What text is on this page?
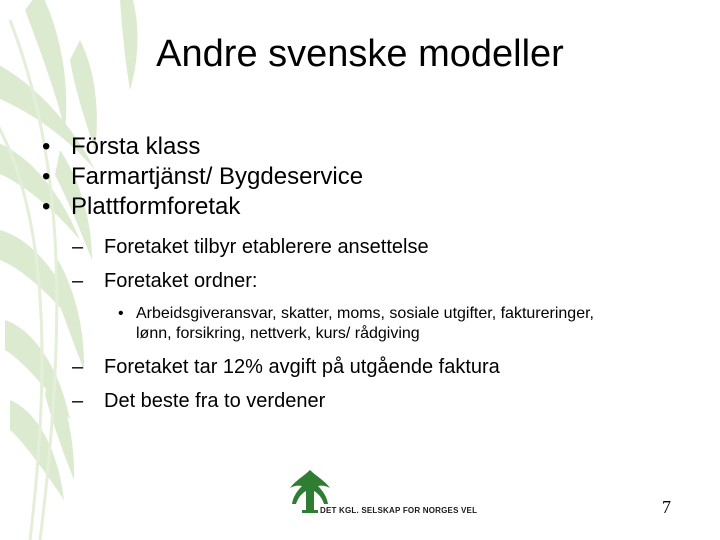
Andre svenske modeller
• Första klass
• Farmartjänst/ Bygdeservice
• Plattformforetak
– Foretaket tilbyr etablerere ansettelse
– Foretaket ordner:
• Arbeidsgiveransvar, skatter, moms, sosiale utgifter, faktureringer, lønn, forsikring, nettverk, kurs/ rådgiving
– Foretaket tar 12% avgift på utgående faktura
– Det beste fra to verdener
DET KGL. SELSKAP FOR NORGES VEL	7
